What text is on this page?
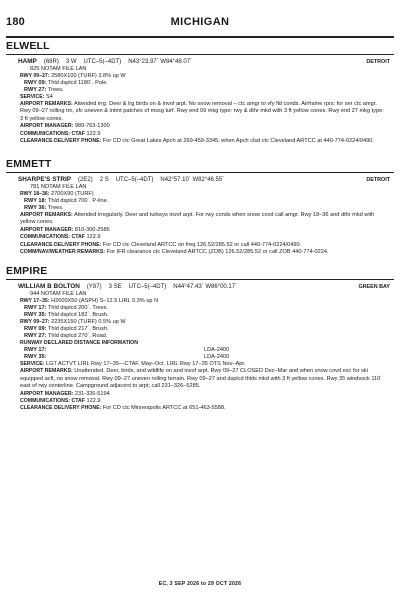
180	MICHIGAN
ELWELL
HAMP (68R) 3 W UTC–5(–4DT) N43°23.97´ W84°48.07´	DETROIT
825 NOTAM FILE LAN
RWY 09–27: 2580X100 (TURF) 3.8% up W
RWY 09: Thld dsplcd 1180´. Pole.
RWY 27: Trees.
SERVICE: S4
AIRPORT REMARKS: Attended irrg. Deer & lrg birds on & invof arpt. No snow removal – ctc amgr to vfy fld conds. Airframe rprs: for ser ctc amgr. Rwy 09–27 rolling trn, sfc uneven & intmt patches of mssg turf. Rwy end 09 mkg type: rwy & dthr mkd with 3 ft yellow cones. Rwy end 27 mkg type: 3 ft yellow cones.
AIRPORT MANAGER: 989-763-1300
COMMUNICATIONS: CTAF 122.9
CLEARANCE DELIVERY PHONE: For CD ctc Great Lakes Apch at 269-459-3345, when Apch clsd ctc Cleveland ARTCC at 440-774-0224/0490.
EMMETT
SHARPE'S STRIP (2E2) 2 S UTC–5(–4DT) N42°57.10´ W82°46.55´	DETROIT
781 NOTAM FILE LAN
RWY 18–36: 2700X90 (TURF)
RWY 18: Thld dsplcd 700´. P-line.
RWY 36: Trees.
AIRPORT REMARKS: Attended irregularly. Deer and turkeys invof arpt. For rwy conds when snow covd call amgr. Rwy 18–36 and dthr mkd with yellow cones.
AIRPORT MANAGER: 810-300-2586
COMMUNICATIONS: CTAF 122.9
CLEARANCE DELIVERY PHONE: For CD ctc Cleveland ARTCC on freq 126.52/285.52 or call 440-774-0224/0490.
COMM/NAV/WEATHER REMARKS: For IFR clearance ctc Cleveland ARTCC (ZOB) 126.52/285.52 or call ZOB 440-774-0224.
EMPIRE
WILLIAM B BOLTON (Y87) 3 SE UTC–5(–4DT) N44°47.43´ W86°00.17´	GREEN BAY
944 NOTAM FILE LAN
RWY 17–35: H2600X50 (ASPH) S–12.5 LIRL 0.3% up N
RWY 17: Thld dsplcd 200´. Trees.
RWY 35: Thld dsplcd 182´. Brush.
RWY 09–27: 2235X150 (TURF) 0.5% up W
RWY 09: Thld dsplcd 217´. Brush.
RWY 27: Thld dsplcd 270´. Road.
RUNWAY DECLARED DISTANCE INFORMATION
RWY 17:	LDA-2400
RWY 35:	LDA-2400
SERVICE: LGT ACTVT LIRL Rwy 17–35—CTAF. May–Oct. LIRL Rwy 17–35 OTS Nov–Apr.
AIRPORT REMARKS: Unattended. Deer, birds, and wildlife on and invof arpt. Rwy 09–27 CLOSED Dec–Mar and when snow covd exc for ski equipped acft, no snow removal. Rwy 09–27 uneven rolling terrain. Rwy 09–27 and dsplcd thlds mkd with 3 ft yellow cones. Rwy 35 windsock 110´ east of rwy centerline. Campground adjacent to arpt; call 231–326–5285.
AIRPORT MANAGER: 231-326-5194
COMMUNICATIONS: CTAF 122.9
CLEARANCE DELIVERY PHONE: For CD ctc Minneapolis ARTCC at 651-463-5588.
EC, 3 SEP 2026 to 29 OCT 2026
